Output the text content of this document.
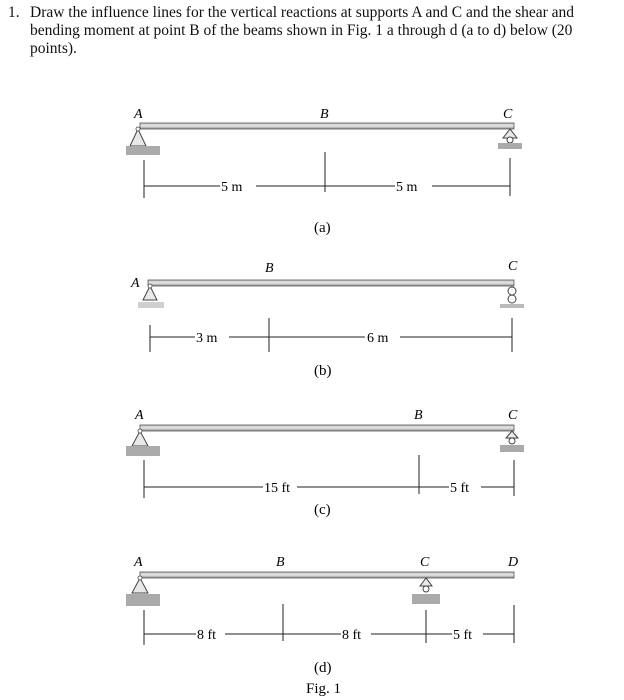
1. Draw the influence lines for the vertical reactions at supports A and C and the shear and bending moment at point B of the beams shown in Fig. 1 a through d (a to d) below (20 points).
A	B	C
5 m	5 m
(a)
A
B	C
3 m	6 m
(b)
A	B	C
15 ft	5 ft
(c)
A	B	C	D
8 ft	8 ft	5 ft
(d)
Fig. 1
